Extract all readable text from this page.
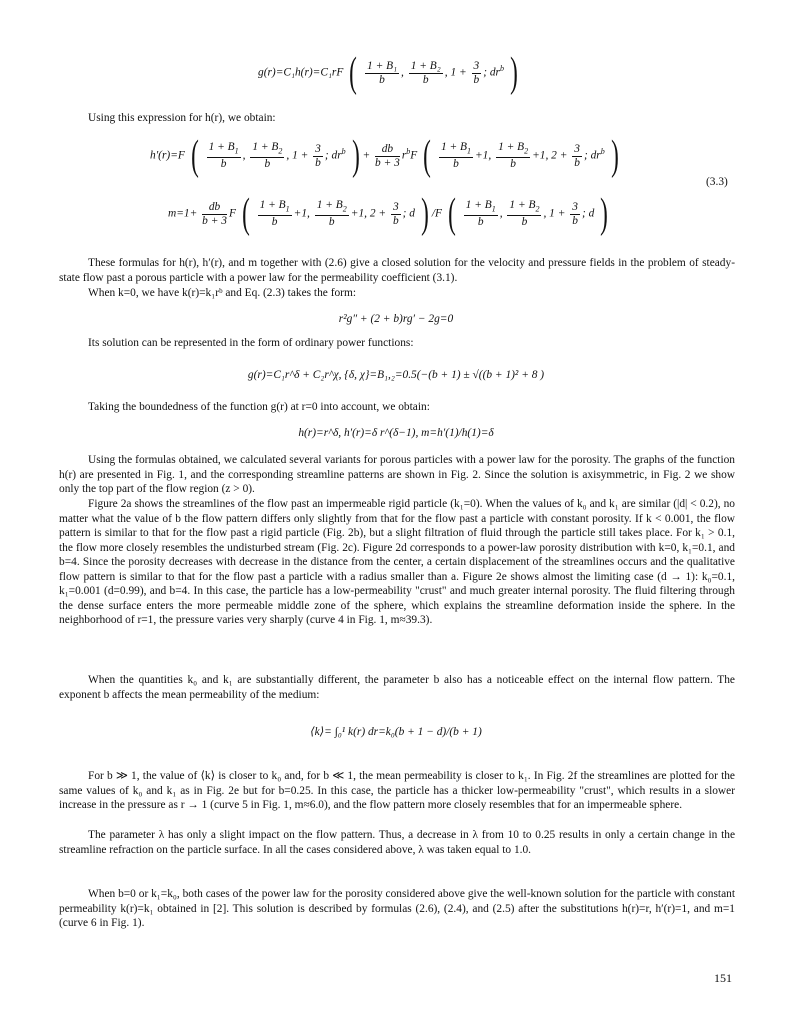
g(r)=C₁h(r)=C₁rF ( $\frac{\text{1 + B₁}}{b}$ , $\frac{\text{1 + B₂}}{b}$ , $1 + \frac{3}{b}$ ; $dr^b$ )
Using this expression for h(r), we obtain:
h′(r)=F ( $\frac{1 + B_1}{b}$ , $\frac{1 + B_2}{b}$ , $1 + \frac{3}{b}$ ; $dr^b$ ) + $\frac{db}{b + 3} r^bF$ ( $\frac{1 + B_1}{b} +1$, $\frac{1 + B_2}{b} +1$, $2 + \frac{3}{b}$ ; $dr^b$ )
(3.3)
$m=1+ \frac{db}{b + 3}$ F ( $\frac{1 + B_1}{b} +1$, $\frac{1 + B_2}{b} +1$, $2 + \frac{3}{b}$ ; d ) /F ( $\frac{1 + B_1}{b}$ , $\frac{1 + B_2}{b}$ , $1 + \frac{3}{b}$ ; d )
These formulas for h(r), h′(r), and m together with (2.6) give a closed solution for the velocity and pressure fields in the problem of steady-state flow past a porous particle with a power law for the permeability coefficient (3.1).
When k=0, we have k(r)=k₁rᵇ and Eq. (2.3) takes the form:
r²g″ + (2 + b)rg′ − 2g=0
Its solution can be represented in the form of ordinary power functions:
g(r)=C₁r^δ + C₂r^χ, {δ, χ}=B₁,₂=0.5(−(b + 1) ± √((b + 1)² + 8 )
Taking the boundedness of the function g(r) at r=0 into account, we obtain:
h(r)=r^δ, h′(r)=δ r^(δ−1), m=h′(1)/h(1)=δ
Using the formulas obtained, we calculated several variants for porous particles with a power law for the porosity. The graphs of the function h(r) are presented in Fig. 1, and the corresponding streamline patterns are shown in Fig. 2. Since the solution is axisymmetric, in Fig. 2 we show only the top part of the flow region (z > 0).
Figure 2a shows the streamlines of the flow past an impermeable rigid particle (k₁=0). When the values of k₀ and k₁ are similar (|d| < 0.2), no matter what the value of b the flow pattern differs only slightly from that for the flow past a particle with constant porosity. If k < 0.001, the flow pattern is similar to that for the flow past a rigid particle (Fig. 2b), but a slight filtration of fluid through the particle still takes place. For k₁ > 0.1, the flow more closely resembles the undisturbed stream (Fig. 2c). Figure 2d corresponds to a power-law porosity distribution with k=0, k₁=0.1, and b=4. Since the porosity decreases with decrease in the distance from the center, a certain displacement of the streamlines occurs and the qualitative flow pattern is similar to that for the flow past a particle with a radius smaller than a. Figure 2e shows almost the limiting case (d → 1): k₀=0.1, k₁=0.001 (d=0.99), and b=4. In this case, the particle has a low-permeability "crust" and much greater internal porosity. The fluid filtering through the dense surface enters the more permeable middle zone of the sphere, which explains the streamline deformation inside the sphere. In the neighborhood of r=1, the pressure varies very sharply (curve 4 in Fig. 1, m≈39.3).
When the quantities k₀ and k₁ are substantially different, the parameter b also has a noticeable effect on the internal flow pattern. The exponent b affects the mean permeability of the medium:
⟨k⟩= ∫₀¹ k(r) dr=k₀(b + 1 − d)/(b + 1)
For b ≫ 1, the value of ⟨k⟩ is closer to k₀ and, for b ≪ 1, the mean permeability is closer to k₁. In Fig. 2f the streamlines are plotted for the same values of k₀ and k₁ as in Fig. 2e but for b=0.25. In this case, the particle has a thicker low-permeability "crust", which results in a slower increase in the pressure as r → 1 (curve 5 in Fig. 1, m≈6.0), and the flow pattern more closely resembles that for an impermeable sphere.
The parameter λ has only a slight impact on the flow pattern. Thus, a decrease in λ from 10 to 0.25 results in only a certain change in the streamline refraction on the particle surface. In all the cases considered above, λ was taken equal to 1.0.
When b=0 or k₁=k₀, both cases of the power law for the porosity considered above give the well-known solution for the particle with constant permeability k(r)=k₁ obtained in [2]. This solution is described by formulas (2.6), (2.4), and (2.5) after the substitutions h(r)=r, h′(r)=1, and m=1 (curve 6 in Fig. 1).
151
